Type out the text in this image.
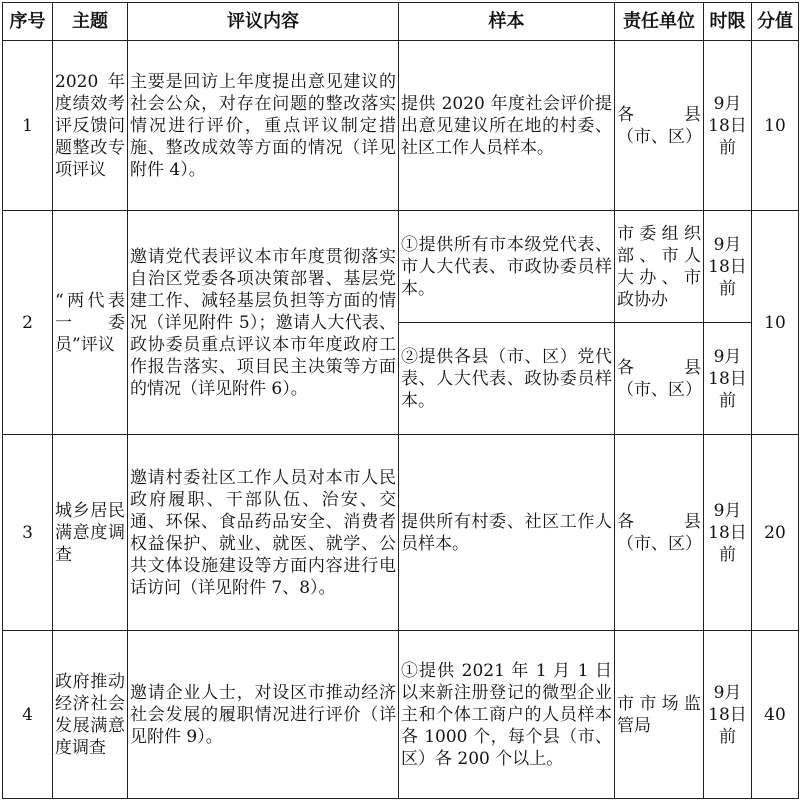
序号	主题	评议内容	样本	责任单位	时限	分值
1	2020 年度绩效考评反馈问题整改专项评议	主要是回访上年度提出意见建议的社会公众，对存在问题的整改落实情况进行评价，重点评议制定措施、整改成效等方面的情况（详见附件 4）。	提供 2020 年度社会评价提出意见建议所在地的村委、社区工作人员样本。	各县（市、区）	9月18日前	10
2	“两代表一委员”评议	邀请党代表评议本市年度贯彻落实自治区党委各项决策部署、基层党建工作、减轻基层负担等方面的情况（详见附件 5）；邀请人大代表、政协委员重点评议本市年度政府工作报告落实、项目民主决策等方面的情况（详见附件 6）。	①提供所有市本级党代表、市人大代表、市政协委员样本。	市委组织部、市人大办、市政协办	9月18日前	10
			②提供各县（市、区）党代表、人大代表、政协委员样本。	各县（市、区）	9月18日前	
3	城乡居民满意度调查	邀请村委社区工作人员对本市人民政府履职、干部队伍、治安、交通、环保、食品药品安全、消费者权益保护、就业、就医、就学、公共文体设施建设等方面内容进行电话访问（详见附件 7、8）。	提供所有村委、社区工作人员样本。	各县（市、区）	9月18日前	20
4	政府推动经济社会发展满意度调查	邀请企业人士，对设区市推动经济社会发展的履职情况进行评价（详见附件 9）。	①提供 2021 年 1 月 1 日以来新注册登记的微型企业主和个体工商户的人员样本各 1000 个，每个县（市、区）各 200 个以上。	市市场监管局	9月18日前	40
